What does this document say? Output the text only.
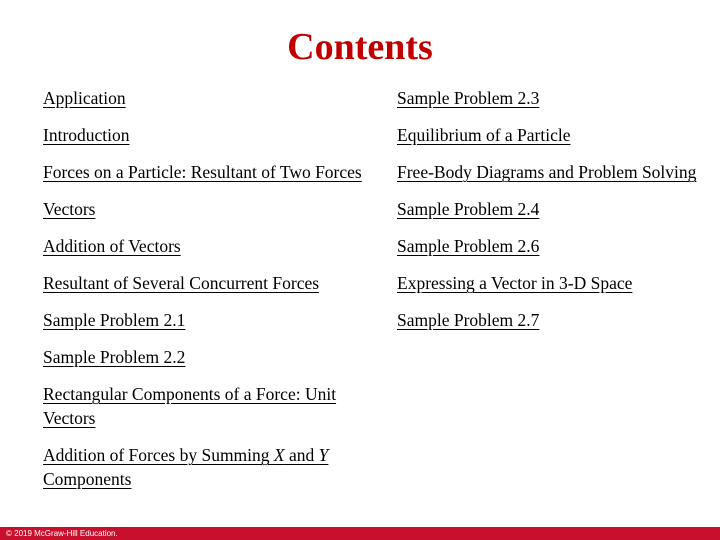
Contents
Application
Introduction
Forces on a Particle: Resultant of Two Forces
Vectors
Addition of Vectors
Resultant of Several Concurrent Forces
Sample Problem 2.1
Sample Problem 2.2
Rectangular Components of a Force: Unit Vectors
Addition of Forces by Summing X and Y Components
Sample Problem 2.3
Equilibrium of a Particle
Free-Body Diagrams and Problem Solving
Sample Problem 2.4
Sample Problem 2.6
Expressing a Vector in 3-D Space
Sample Problem 2.7
© 2019 McGraw-Hill Education.
